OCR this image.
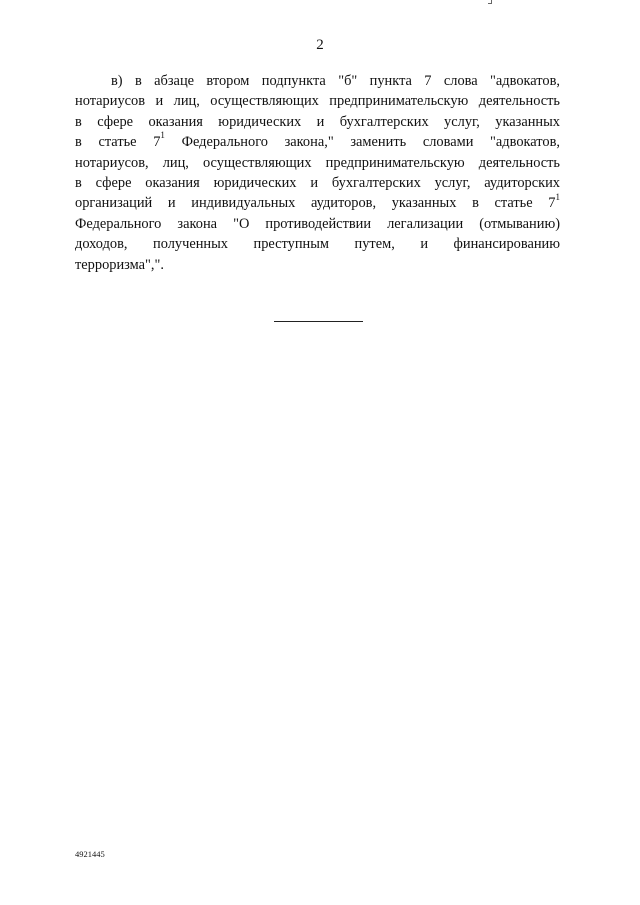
2
в) в абзаце втором подпункта "б" пункта 7 слова "адвокатов,
нотариусов и лиц, осуществляющих предпринимательскую деятельность
в сфере оказания юридических и бухгалтерских услуг, указанных
в статье $7^1$ Федерального закона," заменить словами "адвокатов,
нотариусов, лиц, осуществляющих предпринимательскую деятельность
в сфере оказания юридических и бухгалтерских услуг, аудиторских
организаций и индивидуальных аудиторов, указанных в статье $7^1$
Федерального закона "О противодействии легализации (отмыванию)
доходов, полученных преступным путем, и финансированию
терроризма",".
4921445
